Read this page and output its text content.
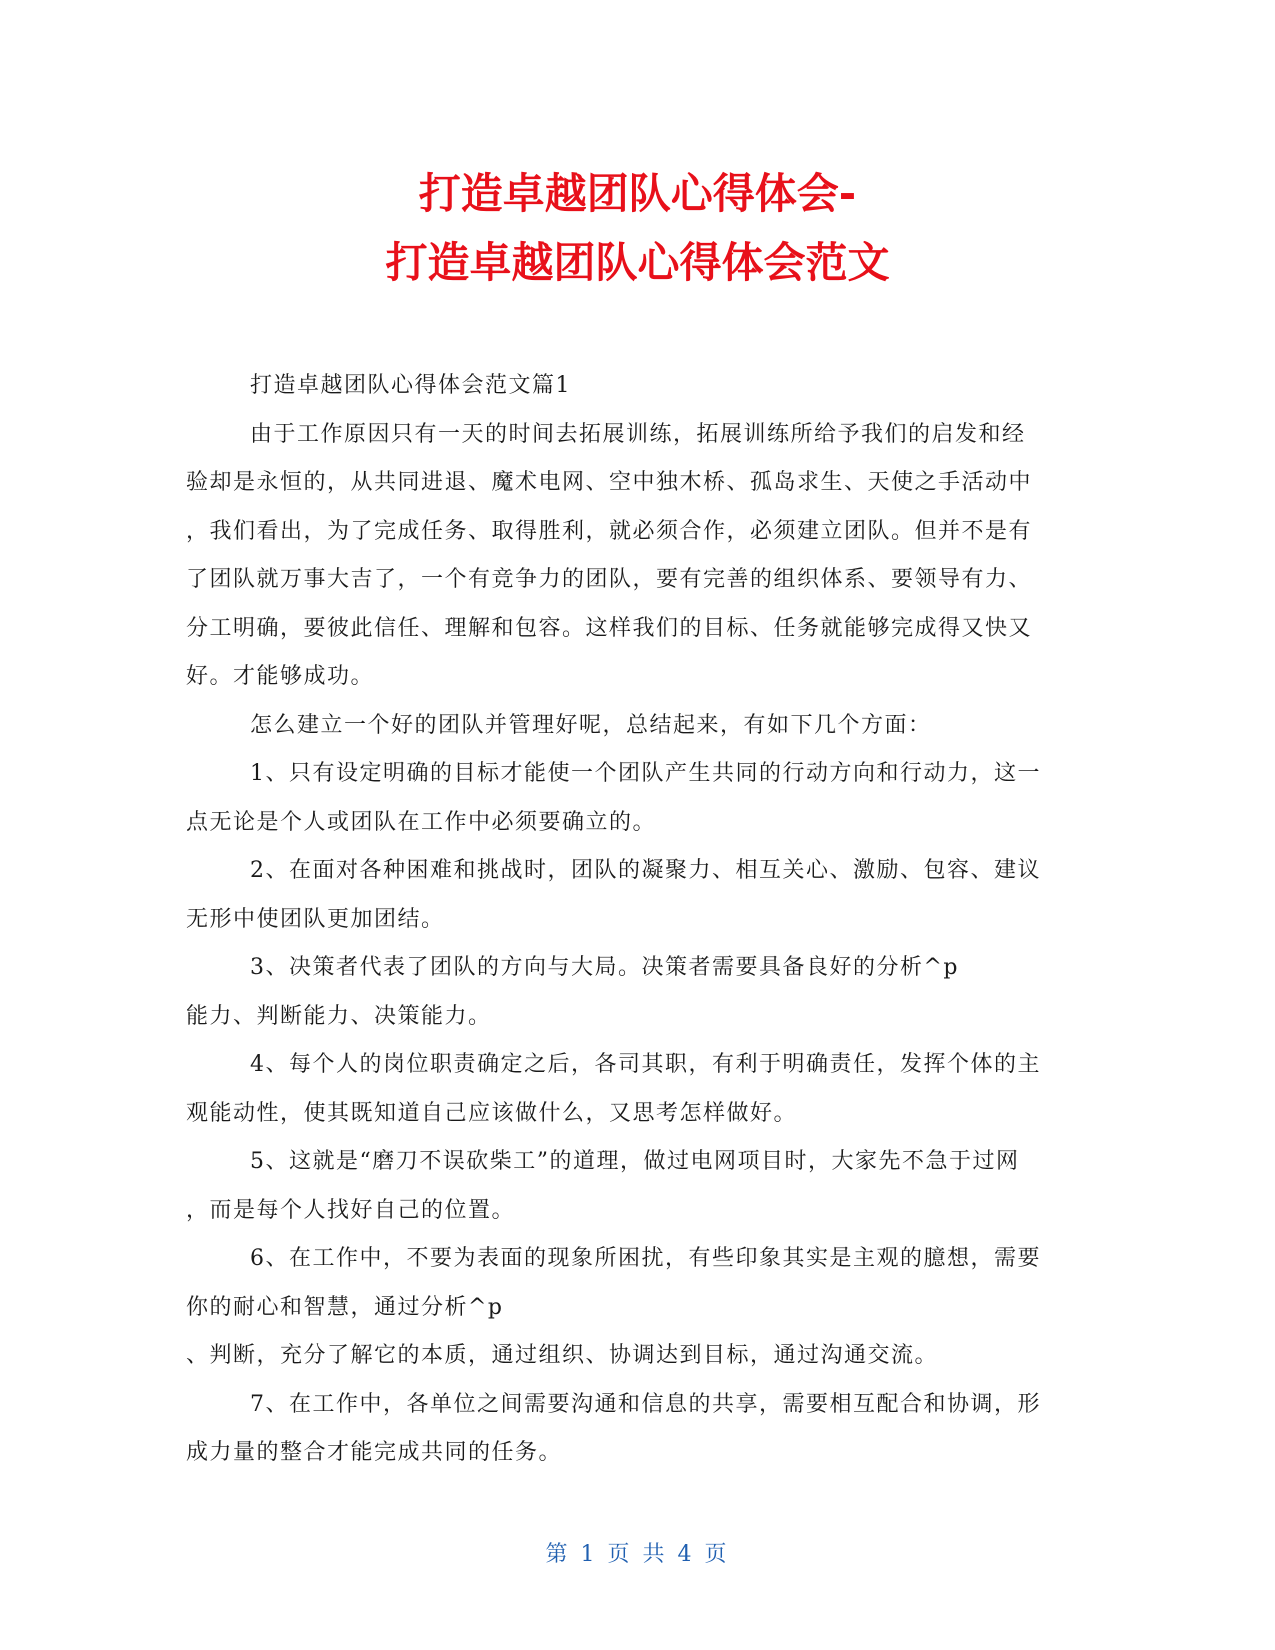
打造卓越团队心得体会-
打造卓越团队心得体会范文

打造卓越团队心得体会范文篇1

由于工作原因只有一天的时间去拓展训练，拓展训练所给予我们的启发和经

验却是永恒的，从共同进退、魔术电网、空中独木桥、孤岛求生、天使之手活动中

，我们看出，为了完成任务、取得胜利，就必须合作，必须建立团队。但并不是有

了团队就万事大吉了，一个有竞争力的团队，要有完善的组织体系、要领导有力、

分工明确，要彼此信任、理解和包容。这样我们的目标、任务就能够完成得又快又

好。才能够成功。

怎么建立一个好的团队并管理好呢，总结起来，有如下几个方面：

1、只有设定明确的目标才能使一个团队产生共同的行动方向和行动力，这一

点无论是个人或团队在工作中必须要确立的。

2、在面对各种困难和挑战时，团队的凝聚力、相互关心、激励、包容、建议

无形中使团队更加团结。

3、决策者代表了团队的方向与大局。决策者需要具备良好的分析^p

能力、判断能力、决策能力。

4、每个人的岗位职责确定之后，各司其职，有利于明确责任，发挥个体的主

观能动性，使其既知道自己应该做什么，又思考怎样做好。

5、这就是“磨刀不误砍柴工”的道理，做过电网项目时，大家先不急于过网

，而是每个人找好自己的位置。

6、在工作中，不要为表面的现象所困扰，有些印象其实是主观的臆想，需要

你的耐心和智慧，通过分析^p

、判断，充分了解它的本质，通过组织、协调达到目标，通过沟通交流。

7、在工作中，各单位之间需要沟通和信息的共享，需要相互配合和协调，形

成力量的整合才能完成共同的任务。

第 1 页 共 4 页
